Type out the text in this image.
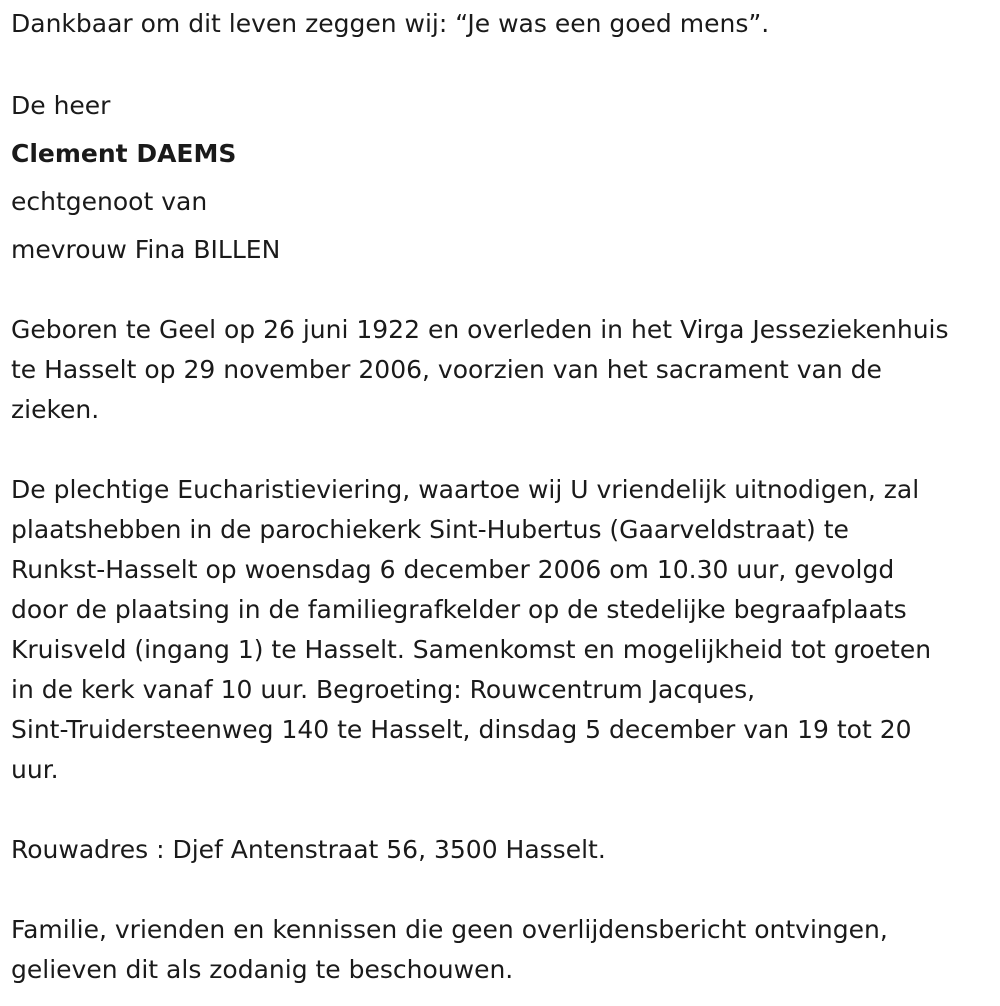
Dankbaar om dit leven zeggen wij: “Je was een goed mens”.
De heer
Clement DAEMS
echtgenoot van
mevrouw Fina BILLEN
Geboren te Geel op 26 juni 1922 en overleden in het Virga Jesseziekenhuis
te Hasselt op 29 november 2006, voorzien van het sacrament van de
zieken.
De plechtige Eucharistieviering, waartoe wij U vriendelijk uitnodigen, zal
plaatshebben in de parochiekerk Sint-Hubertus (Gaarveldstraat) te
Runkst-Hasselt op woensdag 6 december 2006 om 10.30 uur, gevolgd
door de plaatsing in de familiegrafkelder op de stedelijke begraafplaats
Kruisveld (ingang 1) te Hasselt. Samenkomst en mogelijkheid tot groeten
in de kerk vanaf 10 uur. Begroeting: Rouwcentrum Jacques,
Sint-Truidersteenweg 140 te Hasselt, dinsdag 5 december van 19 tot 20
uur.
Rouwadres : Djef Antenstraat 56, 3500 Hasselt.
Familie, vrienden en kennissen die geen overlijdensbericht ontvingen,
gelieven dit als zodanig te beschouwen.
